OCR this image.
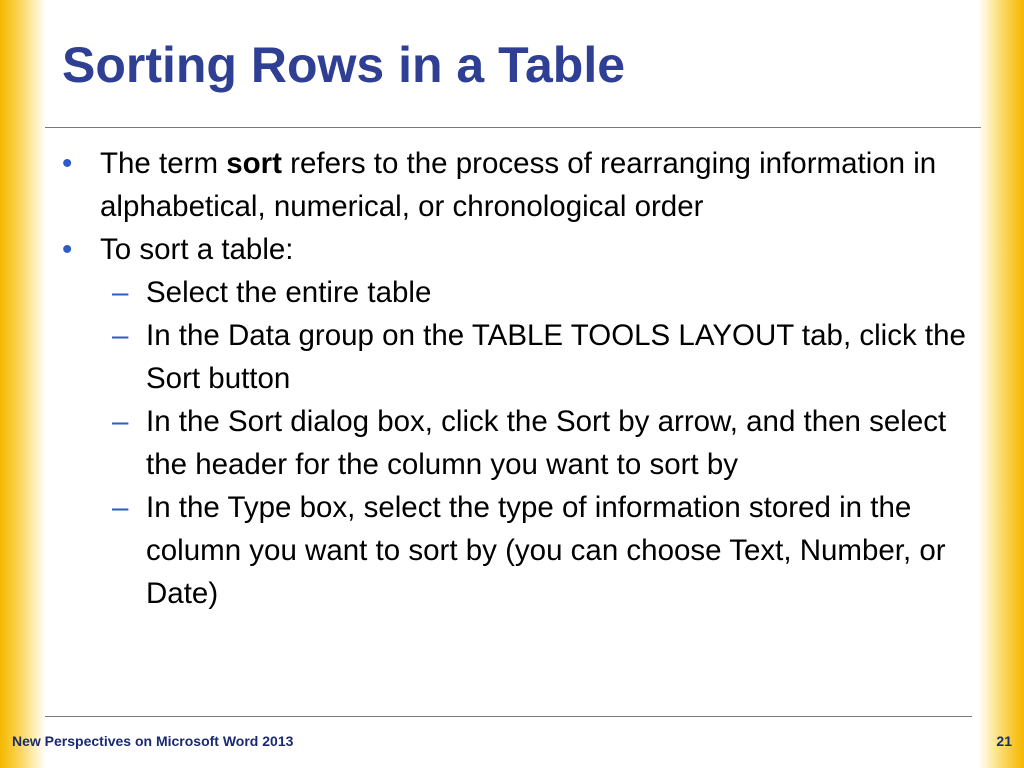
Sorting Rows in a Table
• The term sort refers to the process of rearranging information in alphabetical, numerical, or chronological order
• To sort a table:
– Select the entire table
– In the Data group on the TABLE TOOLS LAYOUT tab, click the Sort button
– In the Sort dialog box, click the Sort by arrow, and then select the header for the column you want to sort by
– In the Type box, select the type of information stored in the column you want to sort by (you can choose Text, Number, or Date)
New Perspectives on Microsoft Word 2013	21
